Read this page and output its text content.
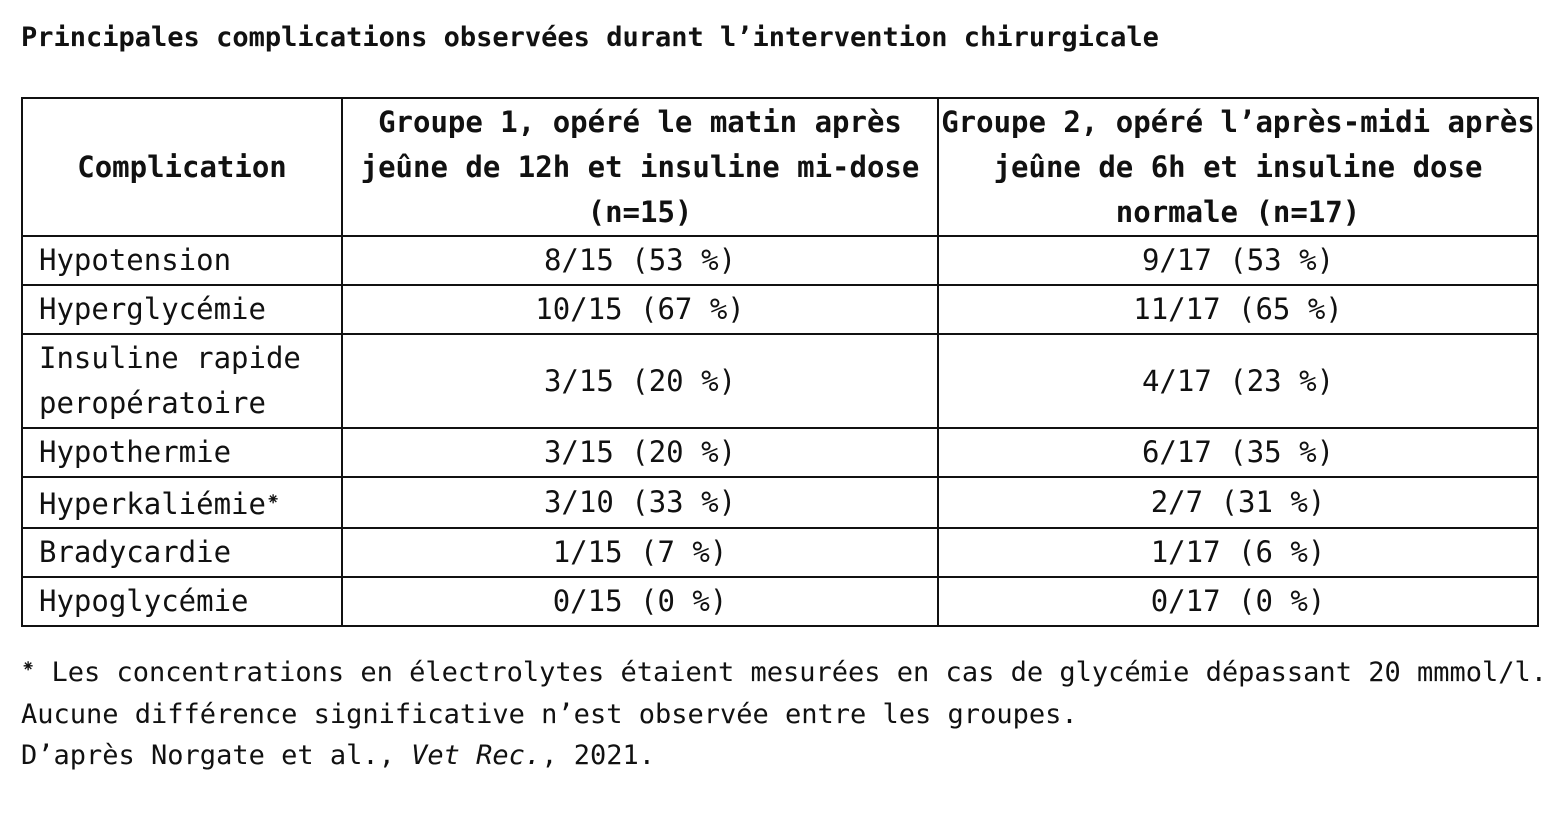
Principales complications observées durant l’intervention chirurgicale
Complication	Groupe 1, opéré le matin après jeûne de 12h et insuline mi-dose (n=15)	Groupe 2, opéré l’après-midi après jeûne de 6h et insuline dose normale (n=17)
Hypotension	8/15 (53 %)	9/17 (53 %)
Hyperglycémie	10/15 (67 %)	11/17 (65 %)
Insuline rapide peropératoire	3/15 (20 %)	4/17 (23 %)
Hypothermie	3/15 (20 %)	6/17 (35 %)
Hyperkaliémie⁕	3/10 (33 %)	2/7 (31 %)
Bradycardie	1/15 (7 %)	1/17 (6 %)
Hypoglycémie	0/15 (0 %)	0/17 (0 %)
⁕ Les concentrations en électrolytes étaient mesurées en cas de glycémie dépassant 20 mmmol/l.
Aucune différence significative n’est observée entre les groupes.
D’après Norgate et al., Vet Rec., 2021.
